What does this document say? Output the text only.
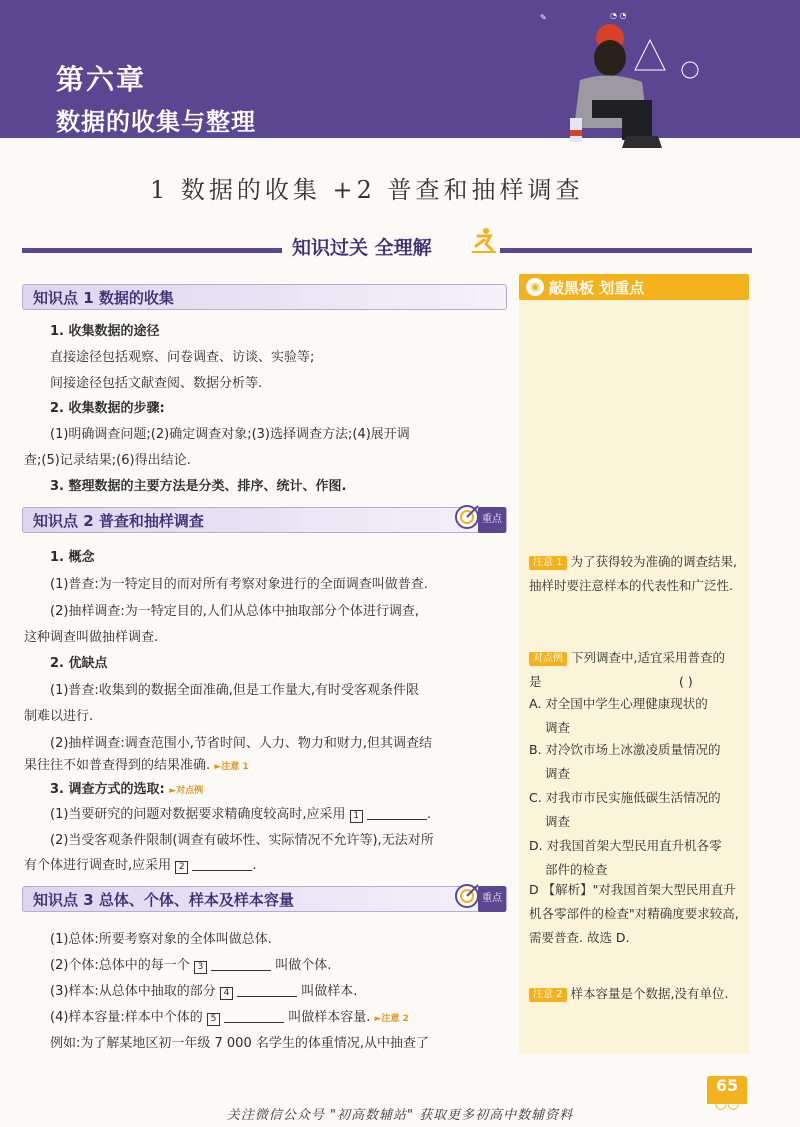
第六章
数据的收集与整理
✎	◔ ◔
1 数据的收集 +2 普查和抽样调查
知识过关 全理解
◉ 敲黑板 划重点
知识点 1 数据的收集
1. 收集数据的途径
直接途径包括观察、问卷调查、访谈、实验等;
间接途径包括文献查阅、数据分析等.
2. 收集数据的步骤:
(1)明确调查问题;(2)确定调查对象;(3)选择调查方法;(4)展开调
查;(5)记录结果;(6)得出结论.
3. 整理数据的主要方法是分类、排序、统计、作图.
知识点 2 普查和抽样调查	重点
1. 概念
(1)普查:为一特定目的而对所有考察对象进行的全面调查叫做普查.
(2)抽样调查:为一特定目的,人们从总体中抽取部分个体进行调查,
这种调查叫做抽样调查.
2. 优缺点
(1)普查:收集到的数据全面准确,但是工作量大,有时受客观条件限
制难以进行.
(2)抽样调查:调查范围小,节省时间、人力、物力和财力,但其调查结
果往往不如普查得到的结果准确. ►注意 1
3. 调查方式的选取: ►对点例
(1)当要研究的问题对数据要求精确度较高时,应采用 1	.
(2)当受客观条件限制(调查有破坏性、实际情况不允许等),无法对所
有个体进行调查时,应采用 2	.
知识点 3 总体、个体、样本及样本容量	重点
(1)总体:所要考察对象的全体叫做总体.
(2)个体:总体中的每一个 3	叫做个体.
(3)样本:从总体中抽取的部分 4	叫做样本.
(4)样本容量:样本中个体的 5	叫做样本容量. ►注意 2
例如:为了解某地区初一年级 7 000 名学生的体重情况,从中抽查了
注意 1 为了获得较为准确的调查结果,抽样时要注意样本的代表性和广泛性.
对点例 下列调查中,适宜采用普查的
是	( )
A. 对全国中学生心理健康现状的
调查
B. 对冷饮市场上冰激凌质量情况的
调查
C. 对我市市民实施低碳生活情况的
调查
D. 对我国首架大型民用直升机各零
部件的检查
D 【解析】"对我国首架大型民用直升机各零部件的检查"对精确度要求较高,需要普查. 故选 D.
注意 2 样本容量是个数据,没有单位.
65
○○
关注微信公众号 "初高数辅站" 获取更多初高中数辅资料
